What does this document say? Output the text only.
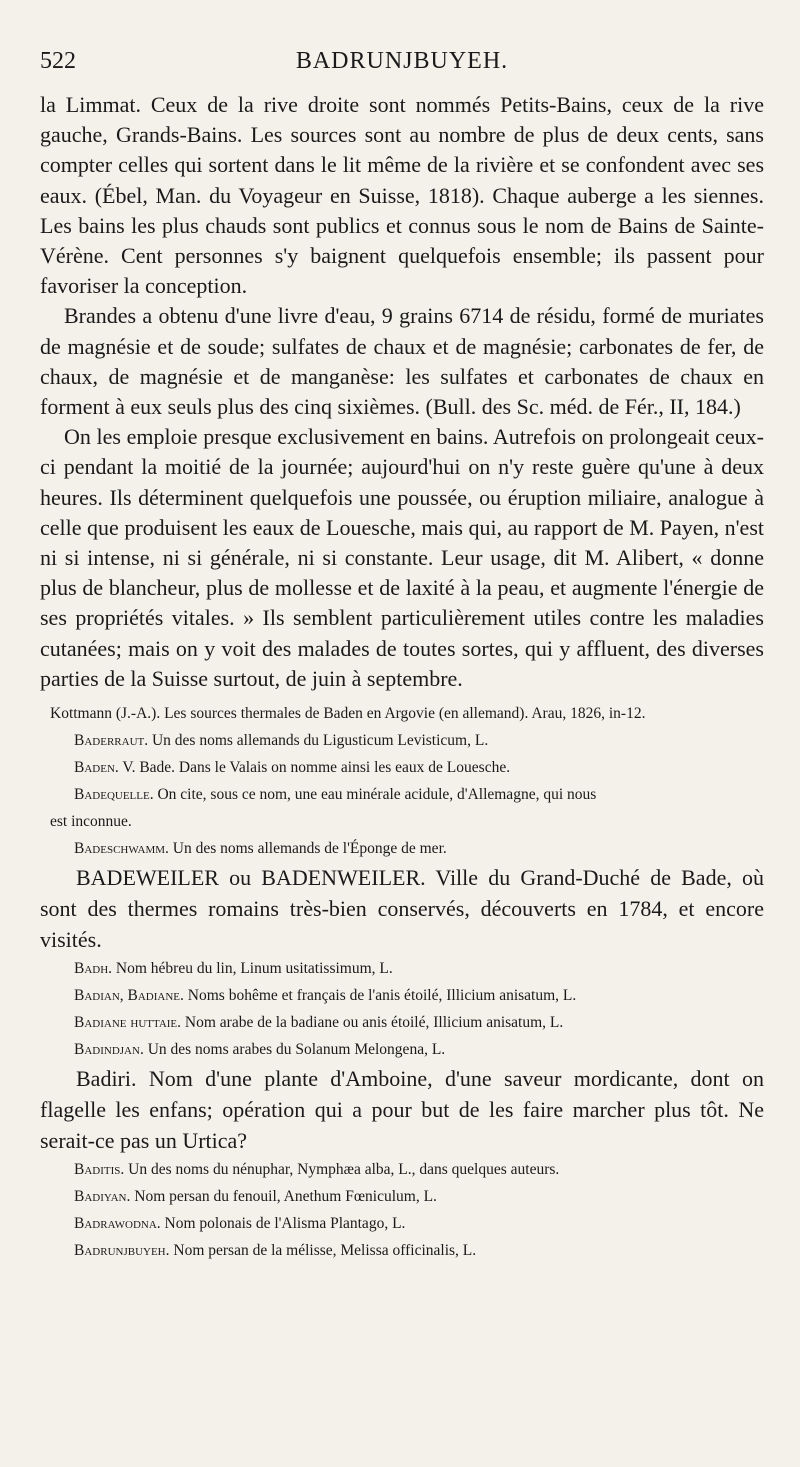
522	BADRUNJBUYEH.

la Limmat. Ceux de la rive droite sont nommés Petits-Bains, ceux de la rive gauche, Grands-Bains. Les sources sont au nombre de plus de deux cents, sans compter celles qui sortent dans le lit même de la rivière et se confondent avec ses eaux. (Ébel, Man. du Voyageur en Suisse, 1818). Chaque auberge a les siennes. Les bains les plus chauds sont publics et connus sous le nom de Bains de Sainte-Vérène. Cent personnes s'y baignent quelquefois ensemble; ils passent pour favoriser la conception.

Brandes a obtenu d'une livre d'eau, 9 grains 6714 de résidu, formé de muriates de magnésie et de soude; sulfates de chaux et de magnésie; carbonates de fer, de chaux, de magnésie et de manganèse: les sulfates et carbonates de chaux en forment à eux seuls plus des cinq sixièmes. (Bull. des Sc. méd. de Fér., II, 184.)

On les emploie presque exclusivement en bains. Autrefois on prolongeait ceux-ci pendant la moitié de la journée; aujourd'hui on n'y reste guère qu'une à deux heures. Ils déterminent quelquefois une poussée, ou éruption miliaire, analogue à celle que produisent les eaux de Louesche, mais qui, au rapport de M. Payen, n'est ni si intense, ni si générale, ni si constante. Leur usage, dit M. Alibert, « donne plus de blancheur, plus de mollesse et de laxité à la peau, et augmente l'énergie de ses propriétés vitales. » Ils semblent particulièrement utiles contre les maladies cutanées; mais on y voit des malades de toutes sortes, qui y affluent, des diverses parties de la Suisse surtout, de juin à septembre.

Kottmann (J.-A.). Les sources thermales de Baden en Argovie (en allemand). Arau, 1826, in-12.

Baderraut. Un des noms allemands du Ligusticum Levisticum, L.

Baden. V. Bade. Dans le Valais on nomme ainsi les eaux de Louesche.

Badequelle. On cite, sous ce nom, une eau minérale acidule, d'Allemagne, qui nous

est inconnue.

Badeschwamm. Un des noms allemands de l'Éponge de mer.

BADEWEILER ou BADENWEILER. Ville du Grand-Duché de Bade, où sont des thermes romains très-bien conservés, découverts en 1784, et encore visités.

Badh. Nom hébreu du lin, Linum usitatissimum, L.

Badian, Badiane. Noms bohême et français de l'anis étoilé, Illicium anisatum, L.

Badiane huttaie. Nom arabe de la badiane ou anis étoilé, Illicium anisatum, L.

Badindjan. Un des noms arabes du Solanum Melongena, L.

Badiri. Nom d'une plante d'Amboine, d'une saveur mordicante, dont on flagelle les enfans; opération qui a pour but de les faire marcher plus tôt. Ne serait-ce pas un Urtica?

Baditis. Un des noms du nénuphar, Nymphæa alba, L., dans quelques auteurs.

Badiyan. Nom persan du fenouil, Anethum Fœniculum, L.

Badrawodna. Nom polonais de l'Alisma Plantago, L.

Badrunjbuyeh. Nom persan de la mélisse, Melissa officinalis, L.
